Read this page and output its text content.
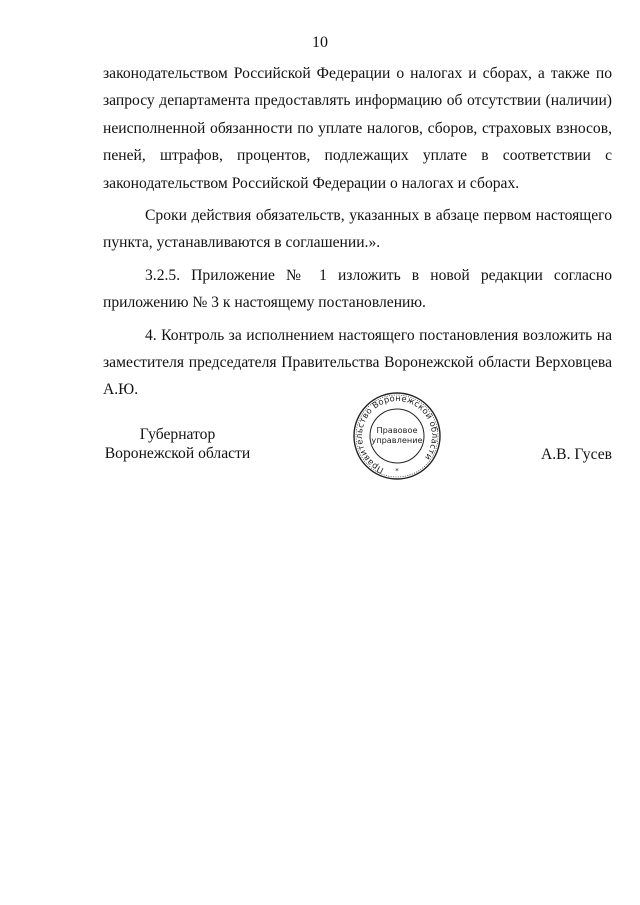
10

законодательством Российской Федерации о налогах и сборах, а также по запросу департамента предоставлять информацию об отсутствии (наличии) неисполненной обязанности по уплате налогов, сборов, страховых взносов, пеней, штрафов, процентов, подлежащих уплате в соответствии с законодательством Российской Федерации о налогах и сборах.

Сроки действия обязательств, указанных в абзаце первом настоящего пункта, устанавливаются в соглашении.».

3.2.5. Приложение № 1 изложить в новой редакции согласно приложению № 3 к настоящему постановлению.

4. Контроль за исполнением настоящего постановления возложить на заместителя председателя Правительства Воронежской области Верховцева А.Ю.

Губернатор
Воронежской области	А.В. Гусев
Правительство Воронежской области
Правовое
управление
*
